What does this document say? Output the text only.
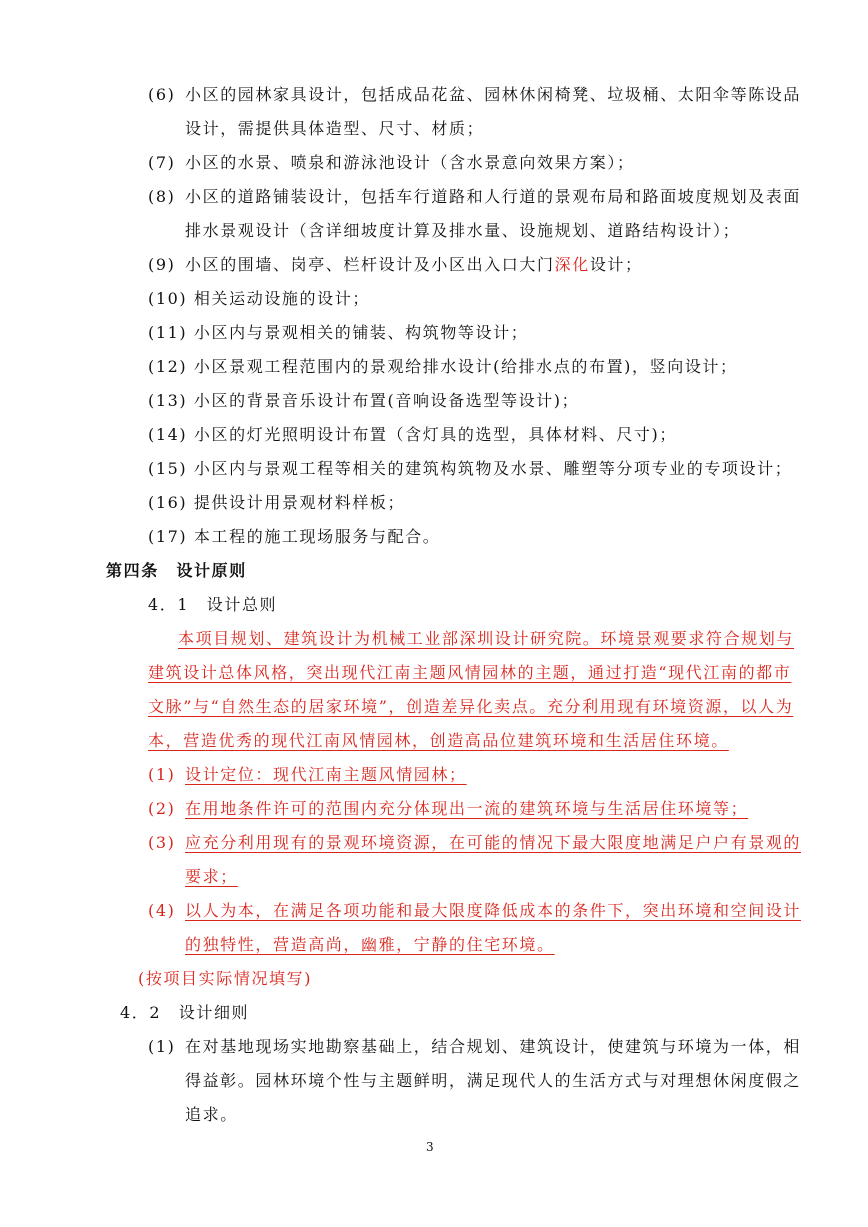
(6) 小区的园林家具设计，包括成品花盆、园林休闲椅凳、垃圾桶、太阳伞等陈设品
设计，需提供具体造型、尺寸、材质；
(7) 小区的水景、喷泉和游泳池设计（含水景意向效果方案）；
(8) 小区的道路铺装设计，包括车行道路和人行道的景观布局和路面坡度规划及表面
排水景观设计（含详细坡度计算及排水量、设施规划、道路结构设计）；
(9) 小区的围墙、岗亭、栏杆设计及小区出入口大门深化设计；
(10) 相关运动设施的设计；
(11) 小区内与景观相关的铺装、构筑物等设计；
(12) 小区景观工程范围内的景观给排水设计(给排水点的布置)，竖向设计；
(13) 小区的背景音乐设计布置(音响设备选型等设计)；
(14) 小区的灯光照明设计布置（含灯具的选型，具体材料、尺寸)；
(15) 小区内与景观工程等相关的建筑构筑物及水景、雕塑等分项专业的专项设计；
(16) 提供设计用景观材料样板；
(17) 本工程的施工现场服务与配合。
第四条　设计原则
4．1　设计总则
本项目规划、建筑设计为机械工业部深圳设计研究院。环境景观要求符合规划与
建筑设计总体风格，突出现代江南主题风情园林的主题，通过打造“现代江南的都市
文脉”与“自然生态的居家环境”，创造差异化卖点。充分利用现有环境资源，以人为
本，营造优秀的现代江南风情园林，创造高品位建筑环境和生活居住环境。
(1) 设计定位：现代江南主题风情园林；
(2) 在用地条件许可的范围内充分体现出一流的建筑环境与生活居住环境等；
(3) 应充分利用现有的景观环境资源，在可能的情况下最大限度地满足户户有景观的
要求；
(4) 以人为本，在满足各项功能和最大限度降低成本的条件下，突出环境和空间设计
的独特性，营造高尚，幽雅，宁静的住宅环境。
(按项目实际情况填写)
4．2　设计细则
(1) 在对基地现场实地勘察基础上，结合规划、建筑设计，使建筑与环境为一体，相
得益彰。园林环境个性与主题鲜明，满足现代人的生活方式与对理想休闲度假之
追求。
3
